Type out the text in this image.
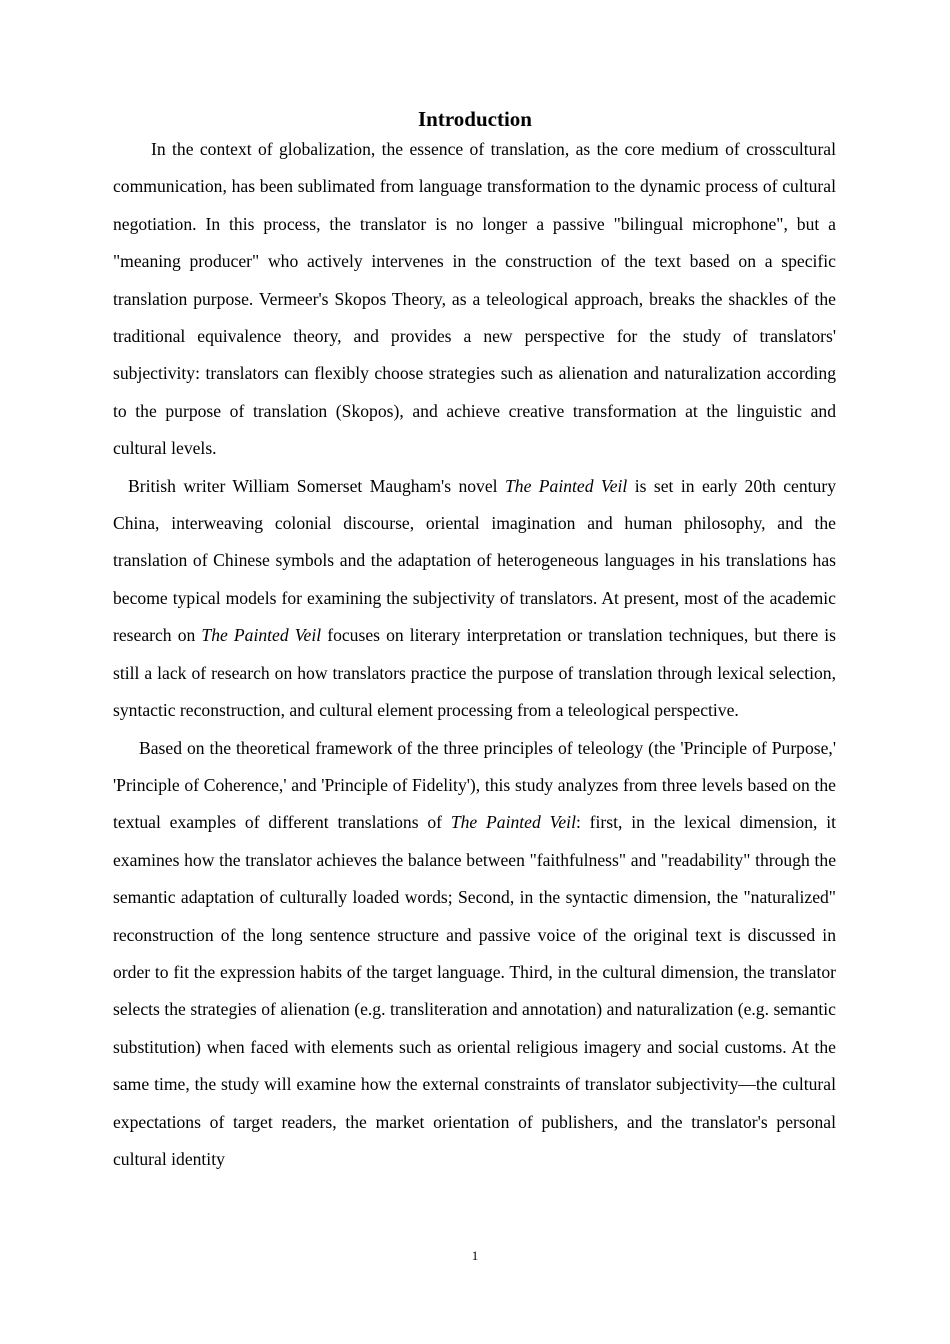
Introduction

In the context of globalization, the essence of translation, as the core medium of crosscultural communication, has been sublimated from language transformation to the dynamic process of cultural negotiation. In this process, the translator is no longer a passive "bilingual microphone", but a "meaning producer" who actively intervenes in the construction of the text based on a specific translation purpose. Vermeer's Skopos Theory, as a teleological approach, breaks the shackles of the traditional equivalence theory, and provides a new perspective for the study of translators' subjectivity: translators can flexibly choose strategies such as alienation and naturalization according to the purpose of translation (Skopos), and achieve creative transformation at the linguistic and cultural levels.

British writer William Somerset Maugham's novel The Painted Veil is set in early 20th century China, interweaving colonial discourse, oriental imagination and human philosophy, and the translation of Chinese symbols and the adaptation of heterogeneous languages in his translations has become typical models for examining the subjectivity of translators. At present, most of the academic research on The Painted Veil focuses on literary interpretation or translation techniques, but there is still a lack of research on how translators practice the purpose of translation through lexical selection, syntactic reconstruction, and cultural element processing from a teleological perspective.

Based on the theoretical framework of the three principles of teleology (the 'Principle of Purpose,' 'Principle of Coherence,' and 'Principle of Fidelity'), this study analyzes from three levels based on the textual examples of different translations of The Painted Veil: first, in the lexical dimension, it examines how the translator achieves the balance between "faithfulness" and "readability" through the semantic adaptation of culturally loaded words; Second, in the syntactic dimension, the "naturalized" reconstruction of the long sentence structure and passive voice of the original text is discussed in order to fit the expression habits of the target language. Third, in the cultural dimension, the translator selects the strategies of alienation (e.g. transliteration and annotation) and naturalization (e.g. semantic substitution) when faced with elements such as oriental religious imagery and social customs. At the same time, the study will examine how the external constraints of translator subjectivity—the cultural expectations of target readers, the market orientation of publishers, and the translator's personal cultural identity

1
